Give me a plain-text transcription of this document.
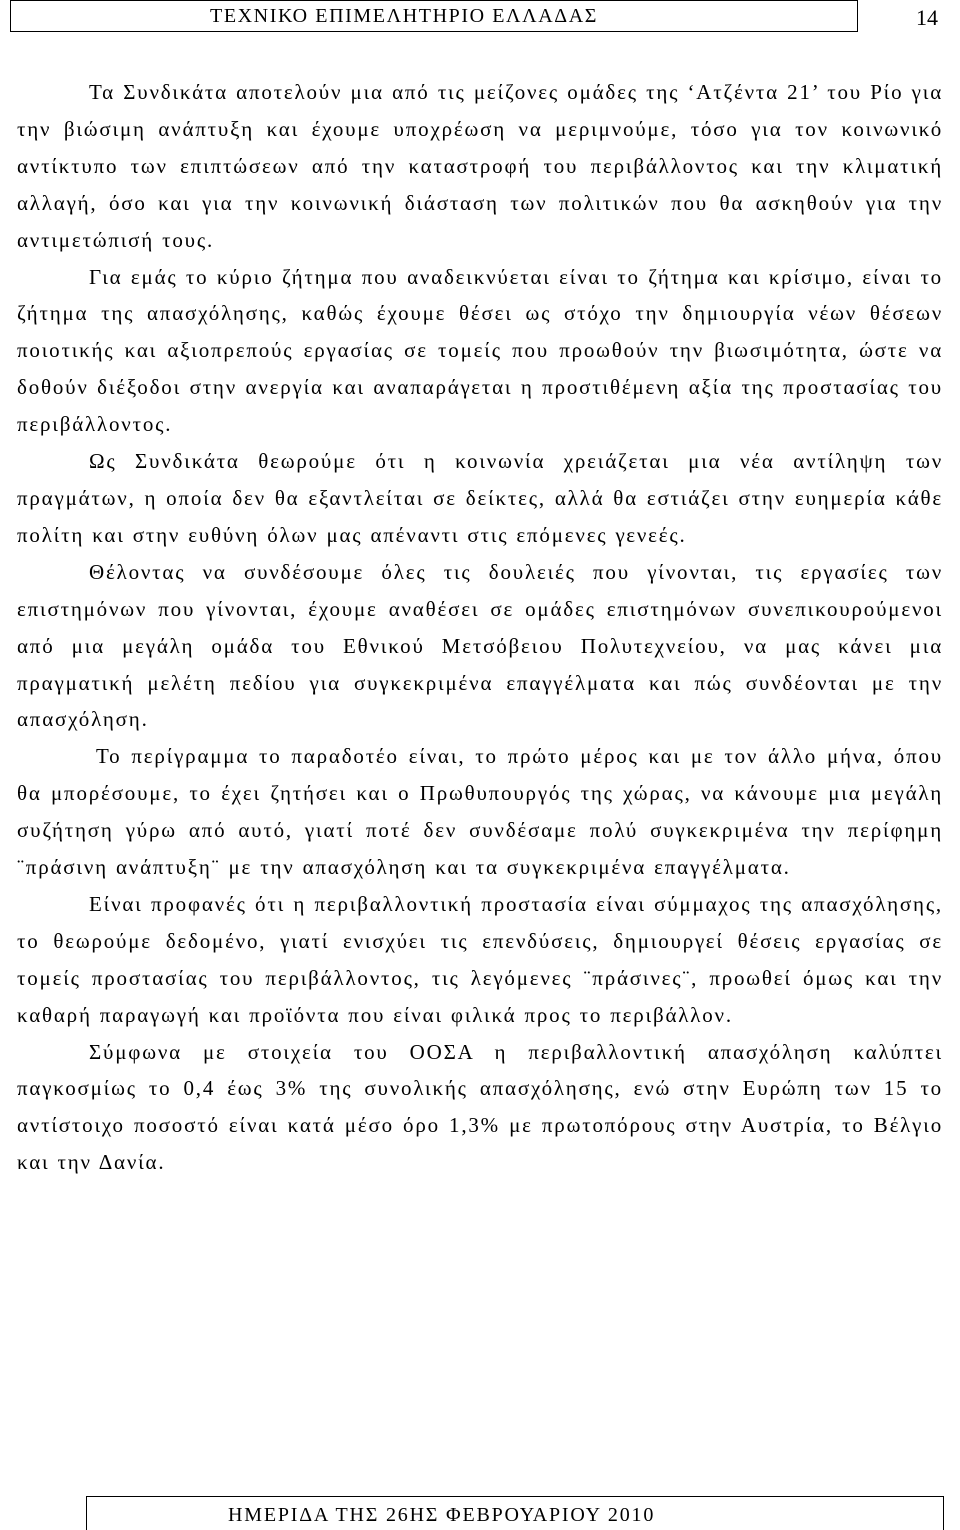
ΤΕΧΝΙΚΟ ΕΠΙΜΕΛΗΤΗΡΙΟ ΕΛΛΑΔΑΣ	14

Τα Συνδικάτα αποτελούν μια από τις μείζονες ομάδες της ‘Ατζέντα 21’ του Ρίο για την βιώσιμη ανάπτυξη και έχουμε υποχρέωση να μεριμνούμε, τόσο για τον κοινωνικό αντίκτυπο των επιπτώσεων από την καταστροφή του περιβάλλοντος και την κλιματική αλλαγή, όσο και για την κοινωνική διάσταση των πολιτικών που θα ασκηθούν για την αντιμετώπισή τους.

Για εμάς το κύριο ζήτημα που αναδεικνύεται είναι το ζήτημα και κρίσιμο, είναι το ζήτημα της απασχόλησης, καθώς έχουμε θέσει ως στόχο την δημιουργία νέων θέσεων ποιοτικής και αξιοπρεπούς εργασίας σε τομείς που προωθούν την βιωσιμότητα, ώστε να δοθούν διέξοδοι στην ανεργία και αναπαράγεται η προστιθέμενη αξία της προστασίας του περιβάλλοντος.

Ως Συνδικάτα θεωρούμε ότι η κοινωνία χρειάζεται μια νέα αντίληψη των πραγμάτων, η οποία δεν θα εξαντλείται σε δείκτες, αλλά θα εστιάζει στην ευημερία κάθε πολίτη και στην ευθύνη όλων μας απέναντι στις επόμενες γενεές.

Θέλοντας να συνδέσουμε όλες τις δουλειές που γίνονται, τις εργασίες των επιστημόνων που γίνονται, έχουμε αναθέσει σε ομάδες επιστημόνων συνεπικουρούμενοι από μια μεγάλη ομάδα του Εθνικού Μετσόβειου Πολυτεχνείου, να μας κάνει μια πραγματική μελέτη πεδίου για συγκεκριμένα επαγγέλματα και πώς συνδέονται με την απασχόληση.

Το περίγραμμα το παραδοτέο είναι, το πρώτο μέρος και με τον άλλο μήνα, όπου θα μπορέσουμε, το έχει ζητήσει και ο Πρωθυπουργός της χώρας, να κάνουμε μια μεγάλη συζήτηση γύρω από αυτό, γιατί ποτέ δεν συνδέσαμε πολύ συγκεκριμένα την περίφημη ¨πράσινη ανάπτυξη¨ με την απασχόληση και τα συγκεκριμένα επαγγέλματα.

Είναι προφανές ότι η περιβαλλοντική προστασία είναι σύμμαχος της απασχόλησης, το θεωρούμε δεδομένο, γιατί ενισχύει τις επενδύσεις, δημιουργεί θέσεις εργασίας σε τομείς προστασίας του περιβάλλοντος, τις λεγόμενες ¨πράσινες¨, προωθεί όμως και την καθαρή παραγωγή και προϊόντα που είναι φιλικά προς το περιβάλλον.

Σύμφωνα με στοιχεία του ΟΟΣΑ η περιβαλλοντική απασχόληση καλύπτει παγκοσμίως το 0,4 έως 3% της συνολικής απασχόλησης, ενώ στην Ευρώπη των 15 το αντίστοιχο ποσοστό είναι κατά μέσο όρο 1,3% με πρωτοπόρους στην Αυστρία, το Βέλγιο και την Δανία.

ΗΜΕΡΙΔΑ ΤΗΣ 26ΗΣ ΦΕΒΡΟΥΑΡΙΟΥ 2010
